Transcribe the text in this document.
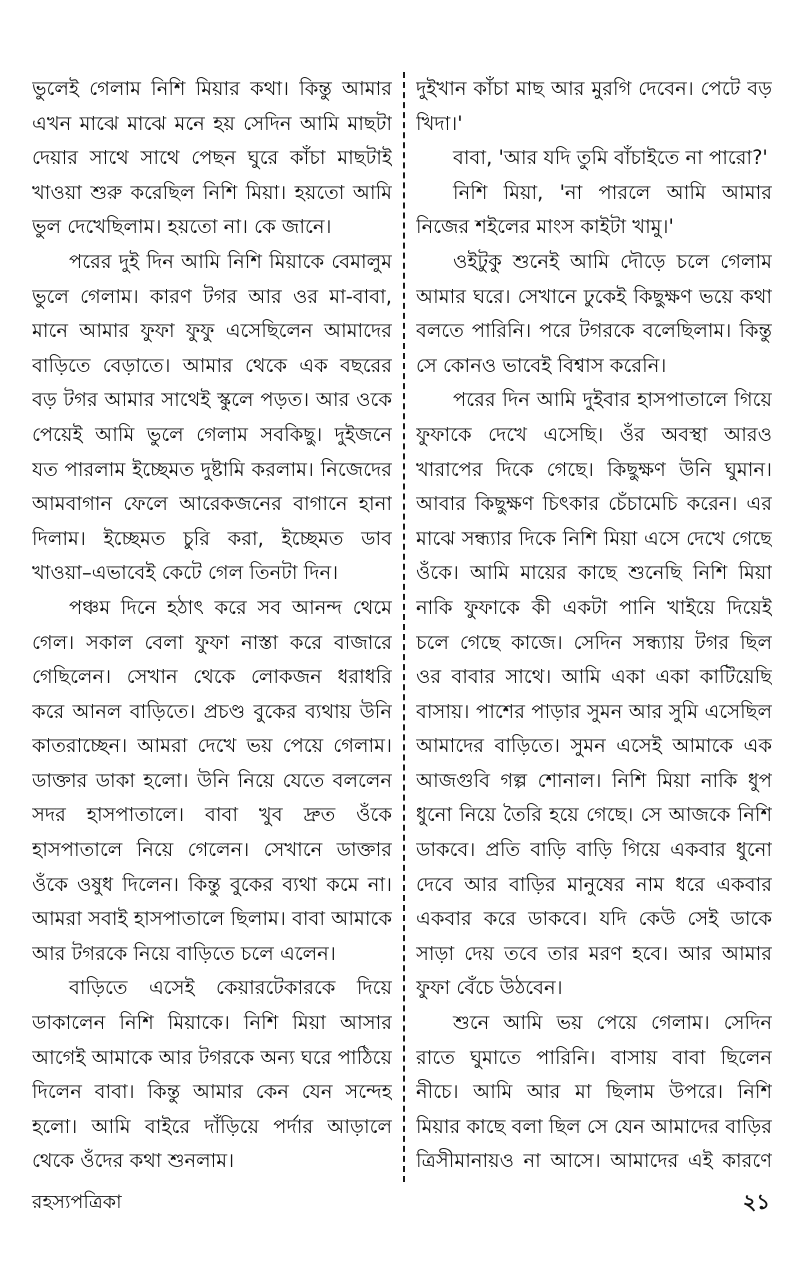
ভুলেই গেলাম নিশি মিয়ার কথা। কিন্তু আমার এখন মাঝে মাঝে মনে হয় সেদিন আমি মাছটা দেয়ার সাথে সাথে পেছন ঘুরে কাঁচা মাছটাই খাওয়া শুরু করেছিল নিশি মিয়া। হয়তো আমি ভুল দেখেছিলাম। হয়তো না। কে জানে।

পরের দুই দিন আমি নিশি মিয়াকে বেমালুম ভুলে গেলাম। কারণ টগর আর ওর মা-বাবা, মানে আমার ফুফা ফুফু এসেছিলেন আমাদের বাড়িতে বেড়াতে। আমার থেকে এক বছরের বড় টগর আমার সাথেই স্কুলে পড়ত। আর ওকে পেয়েই আমি ভুলে গেলাম সবকিছু। দুইজনে যত পারলাম ইচ্ছেমত দুষ্টামি করলাম। নিজেদের আমবাগান ফেলে আরেকজনের বাগানে হানা দিলাম। ইচ্ছেমত চুরি করা, ইচ্ছেমত ডাব খাওয়া–এভাবেই কেটে গেল তিনটা দিন।

পঞ্চম দিনে হঠাৎ করে সব আনন্দ থেমে গেল। সকাল বেলা ফুফা নাস্তা করে বাজারে গেছিলেন। সেখান থেকে লোকজন ধরাধরি করে আনল বাড়িতে। প্রচণ্ড বুকের ব্যথায় উনি কাতরাচ্ছেন। আমরা দেখে ভয় পেয়ে গেলাম। ডাক্তার ডাকা হলো। উনি নিয়ে যেতে বললেন সদর হাসপাতালে। বাবা খুব দ্রুত ওঁকে হাসপাতালে নিয়ে গেলেন। সেখানে ডাক্তার ওঁকে ওষুধ দিলেন। কিন্তু বুকের ব্যথা কমে না। আমরা সবাই হাসপাতালে ছিলাম। বাবা আমাকে আর টগরকে নিয়ে বাড়িতে চলে এলেন।

বাড়িতে এসেই কেয়ারটেকারকে দিয়ে ডাকালেন নিশি মিয়াকে। নিশি মিয়া আসার আগেই আমাকে আর টগরকে অন্য ঘরে পাঠিয়ে দিলেন বাবা। কিন্তু আমার কেন যেন সন্দেহ হলো। আমি বাইরে দাঁড়িয়ে পর্দার আড়ালে থেকে ওঁদের কথা শুনলাম।

দুইখান কাঁচা মাছ আর মুরগি দেবেন। পেটে বড় খিদা।'

বাবা, 'আর যদি তুমি বাঁচাইতে না পারো?'

নিশি মিয়া, 'না পারলে আমি আমার নিজের শইলের মাংস কাইটা খামু।'

ওইটুকু শুনেই আমি দৌড়ে চলে গেলাম আমার ঘরে। সেখানে ঢুকেই কিছুক্ষণ ভয়ে কথা বলতে পারিনি। পরে টগরকে বলেছিলাম। কিন্তু সে কোনও ভাবেই বিশ্বাস করেনি।

পরের দিন আমি দুইবার হাসপাতালে গিয়ে ফুফাকে দেখে এসেছি। ওঁর অবস্থা আরও খারাপের দিকে গেছে। কিছুক্ষণ উনি ঘুমান। আবার কিছুক্ষণ চিৎকার চেঁচামেচি করেন। এর মাঝে সন্ধ্যার দিকে নিশি মিয়া এসে দেখে গেছে ওঁকে। আমি মায়ের কাছে শুনেছি নিশি মিয়া নাকি ফুফাকে কী একটা পানি খাইয়ে দিয়েই চলে গেছে কাজে। সেদিন সন্ধ্যায় টগর ছিল ওর বাবার সাথে। আমি একা একা কাটিয়েছি বাসায়। পাশের পাড়ার সুমন আর সুমি এসেছিল আমাদের বাড়িতে। সুমন এসেই আমাকে এক আজগুবি গল্প শোনাল। নিশি মিয়া নাকি ধুপ ধুনো নিয়ে তৈরি হয়ে গেছে। সে আজকে নিশি ডাকবে। প্রতি বাড়ি বাড়ি গিয়ে একবার ধুনো দেবে আর বাড়ির মানুষের নাম ধরে একবার একবার করে ডাকবে। যদি কেউ সেই ডাকে সাড়া দেয় তবে তার মরণ হবে। আর আমার ফুফা বেঁচে উঠবেন।

শুনে আমি ভয় পেয়ে গেলাম। সেদিন রাতে ঘুমাতে পারিনি। বাসায় বাবা ছিলেন নীচে। আমি আর মা ছিলাম উপরে। নিশি মিয়ার কাছে বলা ছিল সে যেন আমাদের বাড়ির ত্রিসীমানায়ও না আসে। আমাদের এই কারণে

রহস্যপত্রিকা	২১
